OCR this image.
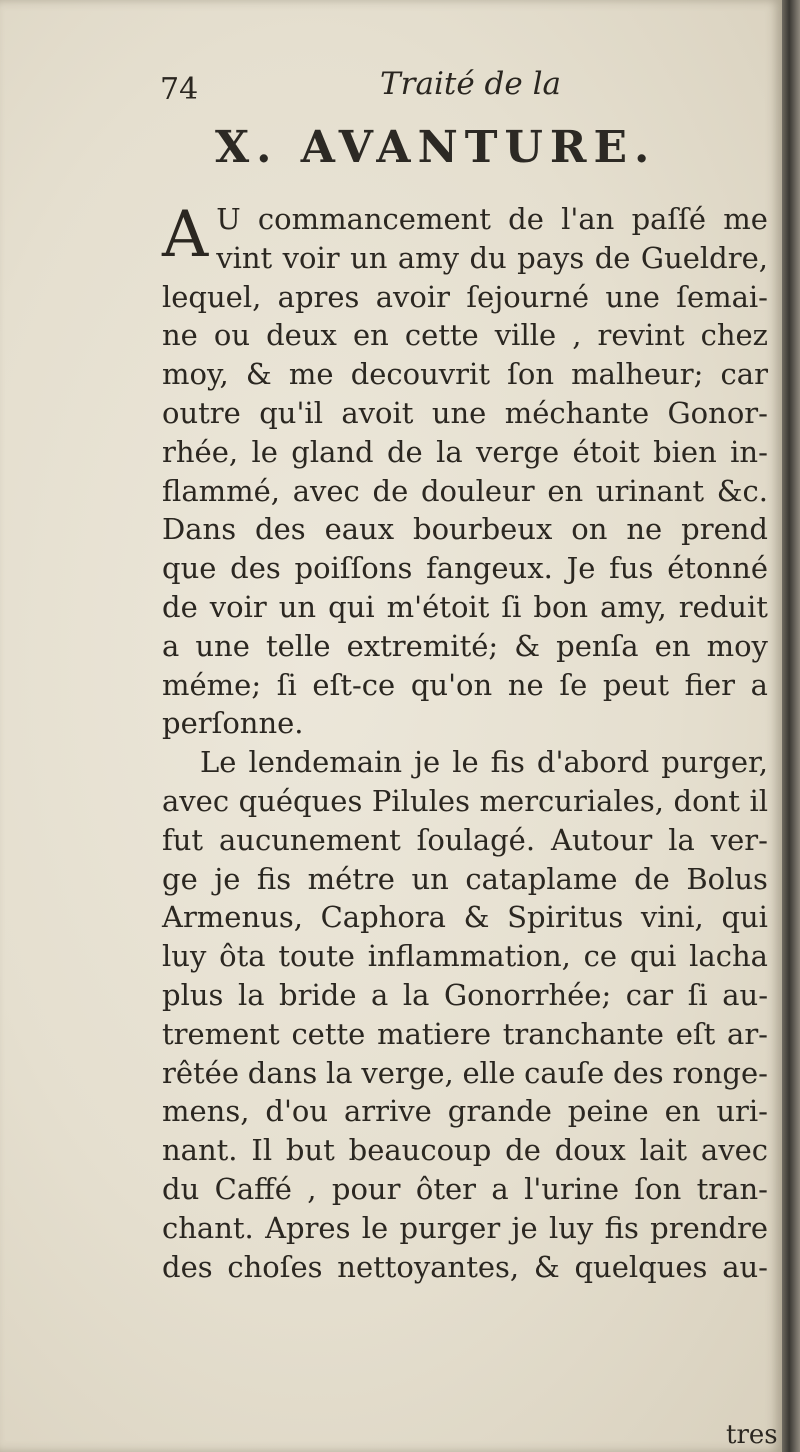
74	Traité de la
X. AVANTURE.
A U commancement de l'an paſſé me
vint voir un amy du pays de Gueldre,
lequel, apres avoir ſejourné une ſemai-
ne ou deux en cette ville , revint chez
moy, & me decouvrit ſon malheur; car
outre qu'il avoit une méchante Gonor-
rhée, le gland de la verge étoit bien in-
flammé, avec de douleur en urinant &c.
Dans des eaux bourbeux on ne prend
que des poiſſons fangeux. Je fus étonné
de voir un qui m'étoit ſi bon amy, reduit
a une telle extremité; & penſa en moy
méme; ſi eſt-ce qu'on ne ſe peut fier a
perſonne.
Le lendemain je le fis d'abord purger,
avec quéques Pilules mercuriales, dont il
fut aucunement ſoulagé. Autour la ver-
ge je fis métre un cataplame de Bolus
Armenus, Caphora & Spiritus vini, qui
luy ôta toute inflammation, ce qui lacha
plus la bride a la Gonorrhée; car ſi au-
trement cette matiere tranchante eſt ar-
rêtée dans la verge, elle cauſe des ronge-
mens, d'ou arrive grande peine en uri-
nant. Il but beaucoup de doux lait avec
du Caffé , pour ôter a l'urine ſon tran-
chant. Apres le purger je luy fis prendre
des choſes nettoyantes, & quelques au-
tres
